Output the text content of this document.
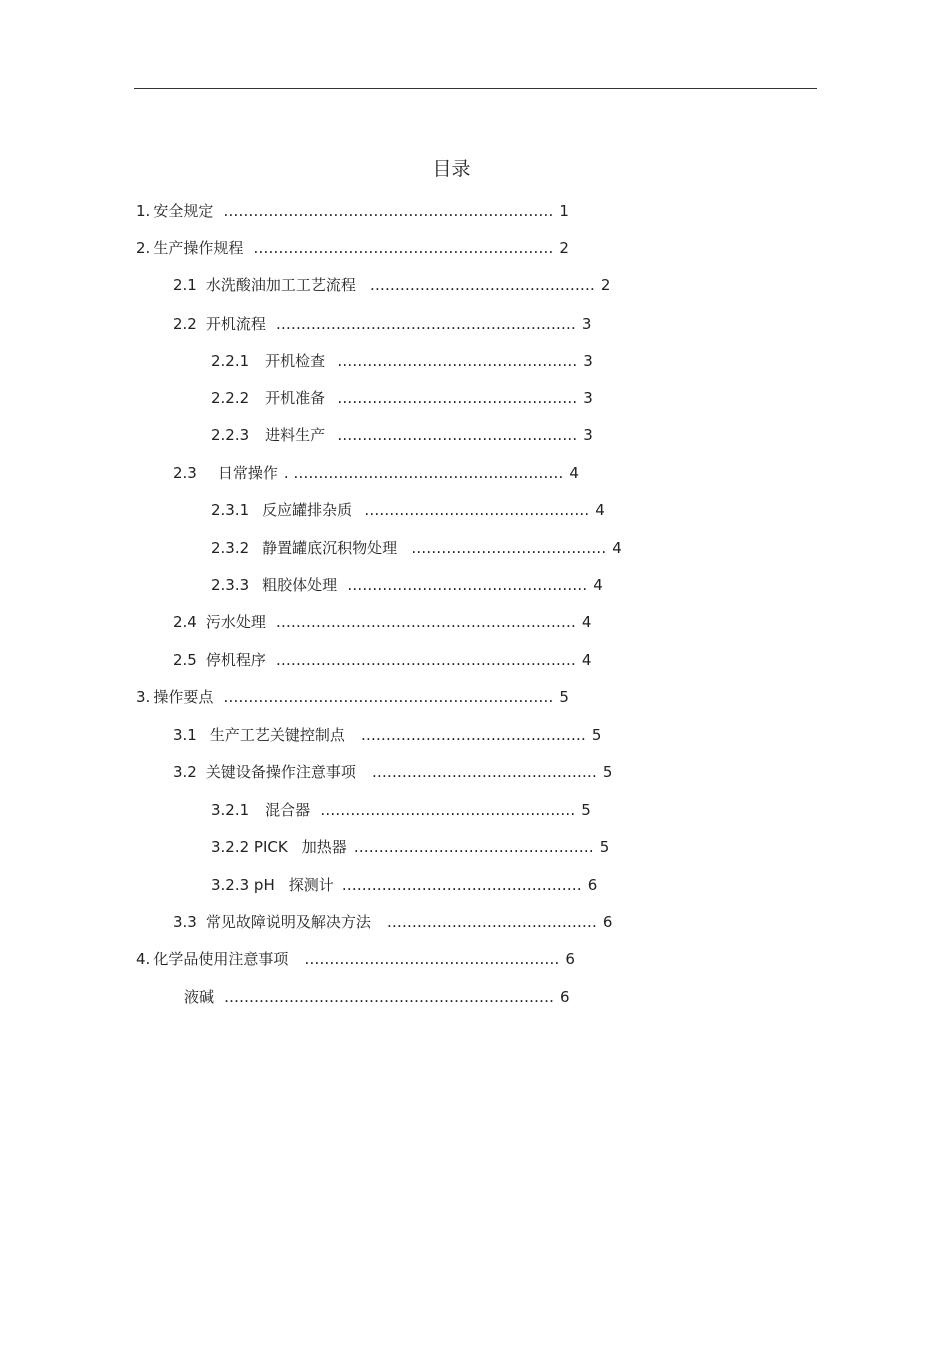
目录
1. 安全规定 ………………………………………………………… 1
2. 生产操作规程 …………………………………………………… 2
2.1 水洗酸油加工工艺流程 ……………………………………… 2
2.2 开机流程 …………………………………………………… 3
2.2.1 开机检查 ………………………………………… 3
2.2.2 开机准备 ………………………………………… 3
2.2.3 进料生产 ………………………………………… 3
2.3 日常操作 . ……………………………………………… 4
2.3.1 反应罐排杂质 ……………………………………… 4
2.3.2 静置罐底沉积物处理 ………………………………… 4
2.3.3 粗胶体处理 ………………………………………… 4
2.4 污水处理 …………………………………………………… 4
2.5 停机程序 …………………………………………………… 4
3. 操作要点 ………………………………………………………… 5
3.1 生产工艺关键控制点 ……………………………………… 5
3.2 关键设备操作注意事项 ……………………………………… 5
3.2.1 混合器 …………………………………………… 5
3.2.2 PICK 加热器 ………………………………………… 5
3.2.3 pH 探测计 ………………………………………… 6
3.3 常见故障说明及解决方法 …………………………………… 6
4. 化学品使用注意事项 …………………………………………… 6
液碱 ………………………………………………………… 6
